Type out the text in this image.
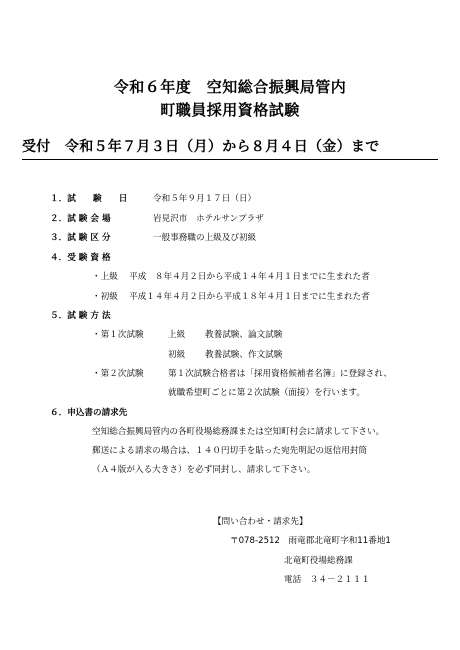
令和６年度　空知総合振興局管内
町職員採用資格試験
受付　令和５年７月３日（月）から８月４日（金）まで
１．試　　験　　日	令和５年９月１７日（日）
２．試 験 会 場	岩見沢市　ホテルサンプラザ
３．試 験 区 分	一般事務職の上級及び初級
４．受 験 資 格
・上級　 平成　８年４月２日から平成１４年４月１日までに生まれた者
・初級　 平成１４年４月２日から平成１８年４月１日までに生まれた者
５．試 験 方 法
・第１次試験	上級 教養試験、論文試験
初級 教養試験、作文試験
・第２次試験	第１次試験合格者は「採用資格候補者名簿」に登録され、
就職希望町ごとに第２次試験（面接）を行います。
６．申込書の請求先
空知総合振興局管内の各町役場総務課または空知町村会に請求して下さい。
郵送による請求の場合は、１４０円切手を貼った宛先明記の返信用封筒
（Ａ４版が入る大きさ）を必ず同封し、請求して下さい。
【問い合わせ・請求先】
〒078-2512　雨竜郡北竜町字和11番地1
北竜町役場総務課
電話　３４－２１１１
